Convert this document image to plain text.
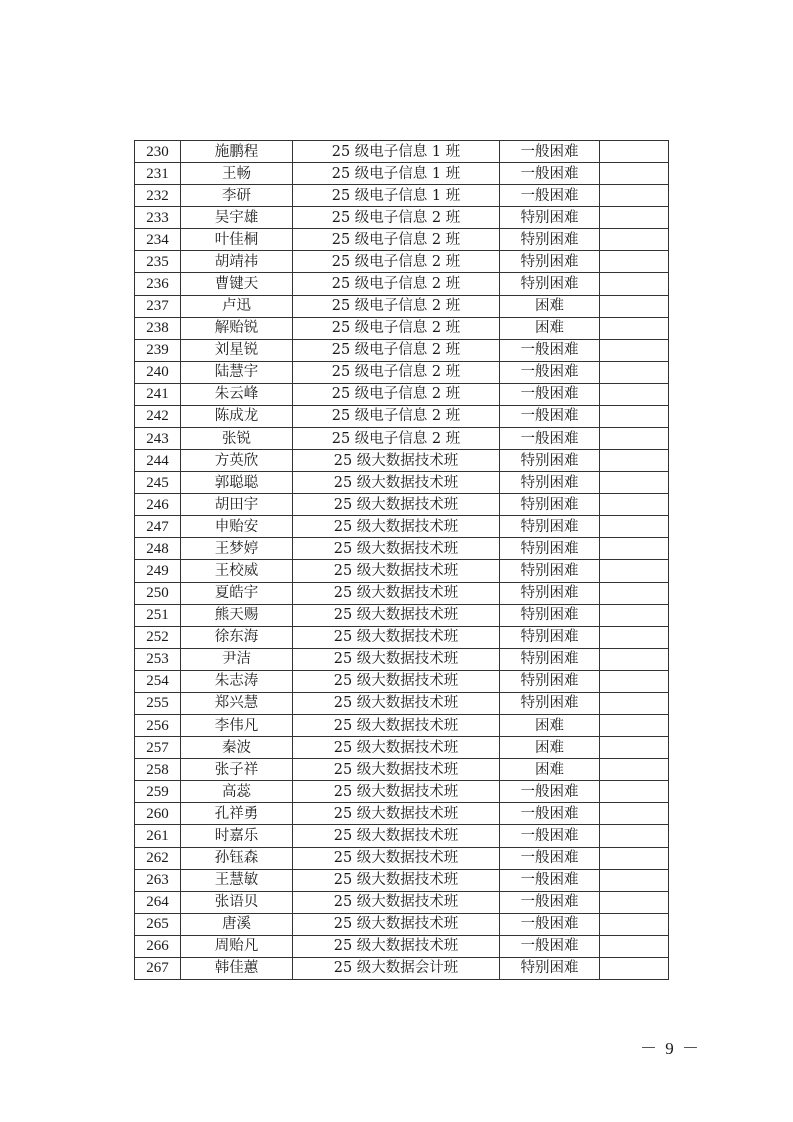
230	施鹏程	25 级电子信息 1 班	一般困难	
231	王畅	25 级电子信息 1 班	一般困难	
232	李研	25 级电子信息 1 班	一般困难	
233	吴宇雄	25 级电子信息 2 班	特别困难	
234	叶佳桐	25 级电子信息 2 班	特别困难	
235	胡靖祎	25 级电子信息 2 班	特别困难	
236	曹键天	25 级电子信息 2 班	特别困难	
237	卢迅	25 级电子信息 2 班	困难	
238	解贻锐	25 级电子信息 2 班	困难	
239	刘星锐	25 级电子信息 2 班	一般困难	
240	陆慧宇	25 级电子信息 2 班	一般困难	
241	朱云峰	25 级电子信息 2 班	一般困难	
242	陈成龙	25 级电子信息 2 班	一般困难	
243	张锐	25 级电子信息 2 班	一般困难	
244	方英欣	25 级大数据技术班	特别困难	
245	郭聪聪	25 级大数据技术班	特别困难	
246	胡田宇	25 级大数据技术班	特别困难	
247	申贻安	25 级大数据技术班	特别困难	
248	王梦婷	25 级大数据技术班	特别困难	
249	王校威	25 级大数据技术班	特别困难	
250	夏皓宇	25 级大数据技术班	特别困难	
251	熊天赐	25 级大数据技术班	特别困难	
252	徐东海	25 级大数据技术班	特别困难	
253	尹洁	25 级大数据技术班	特别困难	
254	朱志涛	25 级大数据技术班	特别困难	
255	郑兴慧	25 级大数据技术班	特别困难	
256	李伟凡	25 级大数据技术班	困难	
257	秦波	25 级大数据技术班	困难	
258	张子祥	25 级大数据技术班	困难	
259	高蕊	25 级大数据技术班	一般困难	
260	孔祥勇	25 级大数据技术班	一般困难	
261	时嘉乐	25 级大数据技术班	一般困难	
262	孙钰森	25 级大数据技术班	一般困难	
263	王慧敏	25 级大数据技术班	一般困难	
264	张语贝	25 级大数据技术班	一般困难	
265	唐溪	25 级大数据技术班	一般困难	
266	周贻凡	25 级大数据技术班	一般困难	
267	韩佳蕙	25 级大数据会计班	特别困难	
－ 9 －
